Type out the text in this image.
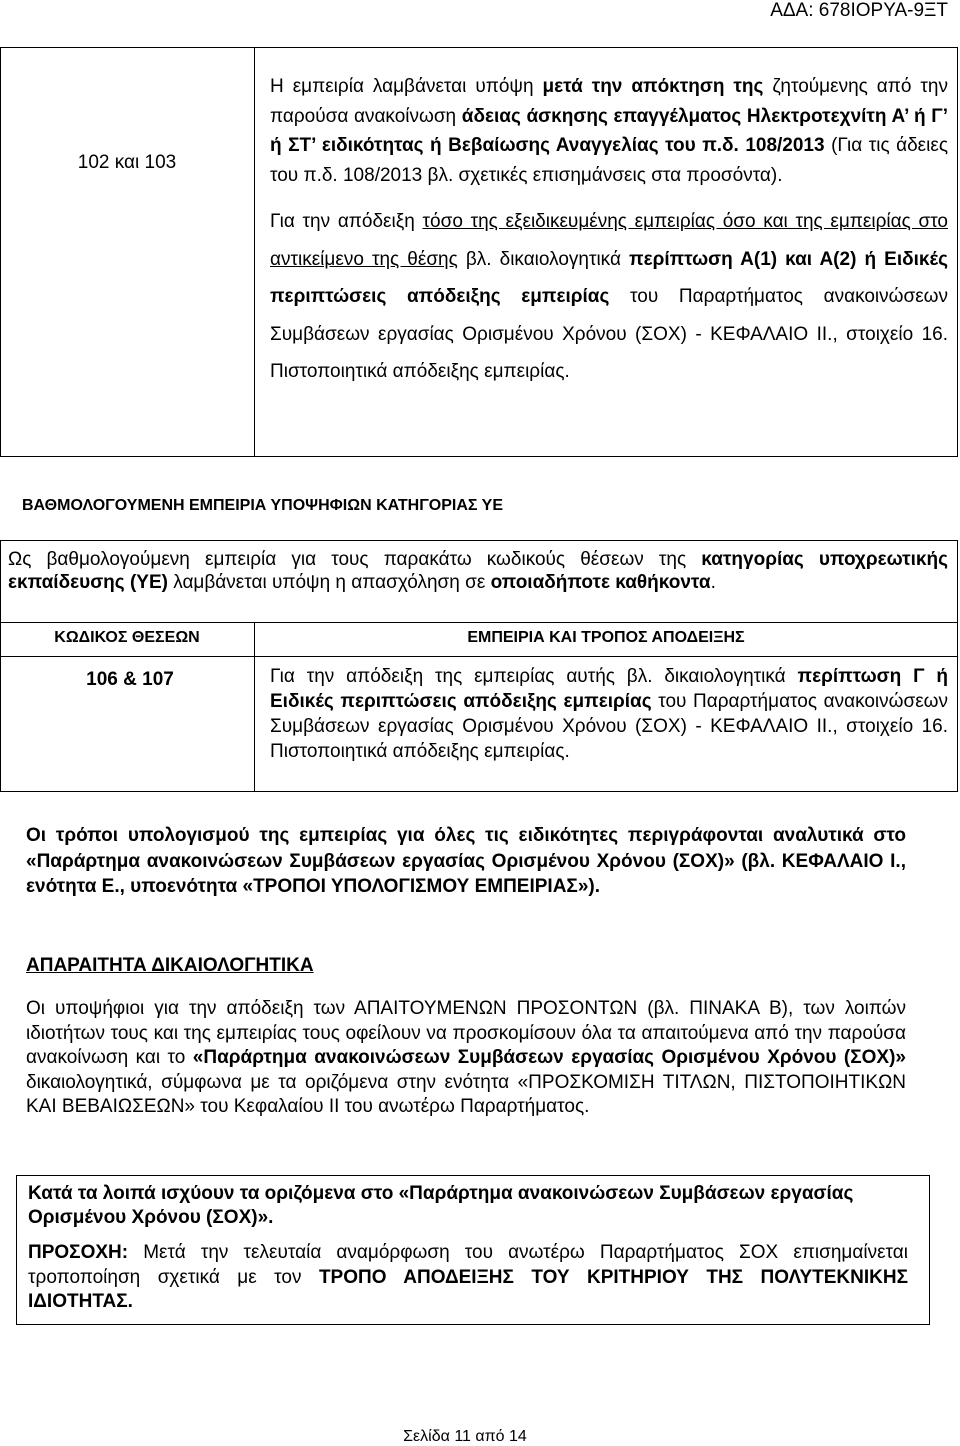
ΑΔΑ: 678ΙΟΡΥΑ-9ΞΤ
102 και 103

Η εμπειρία λαμβάνεται υπόψη μετά την απόκτηση της ζητούμενης από την παρούσα ανακοίνωση άδειας άσκησης επαγγέλματος Ηλεκτροτεχνίτη Α’ ή Γ’ ή ΣΤ’ ειδικότητας ή Βεβαίωσης Αναγγελίας του π.δ. 108/2013 (Για τις άδειες του π.δ. 108/2013 βλ. σχετικές επισημάνσεις στα προσόντα).

Για την απόδειξη τόσο της εξειδικευμένης εμπειρίας όσο και της εμπειρίας στο αντικείμενο της θέσης βλ. δικαιολογητικά περίπτωση Α(1) και Α(2) ή Ειδικές περιπτώσεις απόδειξης εμπειρίας του Παραρτήματος ανακοινώσεων Συμβάσεων εργασίας Ορισμένου Χρόνου (ΣΟΧ) - ΚΕΦΑΛΑΙΟ ΙΙ., στοιχείο 16. Πιστοποιητικά απόδειξης εμπειρίας.

ΒΑΘΜΟΛΟΓΟΥΜΕΝΗ ΕΜΠΕΙΡΙΑ ΥΠΟΨΗΦΙΩΝ ΚΑΤΗΓΟΡΙΑΣ ΥΕ
Ως βαθμολογούμενη εμπειρία για τους παρακάτω κωδικούς θέσεων της κατηγορίας υποχρεωτικής εκπαίδευσης (ΥΕ) λαμβάνεται υπόψη η απασχόληση σε οποιαδήποτε καθήκοντα.
ΚΩΔΙΚΟΣ ΘΕΣΕΩΝ	ΕΜΠΕΙΡΙΑ ΚΑΙ ΤΡΟΠΟΣ ΑΠΟΔΕΙΞΗΣ
106 & 107	Για την απόδειξη της εμπειρίας αυτής βλ. δικαιολογητικά περίπτωση Γ ή Ειδικές περιπτώσεις απόδειξης εμπειρίας του Παραρτήματος ανακοινώσεων Συμβάσεων εργασίας Ορισμένου Χρόνου (ΣΟΧ) - ΚΕΦΑΛΑΙΟ ΙΙ., στοιχείο 16. Πιστοποιητικά απόδειξης εμπειρίας.
Οι τρόποι υπολογισμού της εμπειρίας για όλες τις ειδικότητες περιγράφονται αναλυτικά στο «Παράρτημα ανακοινώσεων Συμβάσεων εργασίας Ορισμένου Χρόνου (ΣΟΧ)» (βλ. ΚΕΦΑΛΑΙΟ Ι., ενότητα Ε., υποενότητα «ΤΡΟΠΟΙ ΥΠΟΛΟΓΙΣΜΟΥ ΕΜΠΕΙΡΙΑΣ»).
ΑΠΑΡΑΙΤΗΤΑ ΔΙΚΑΙΟΛΟΓΗΤΙΚΑ
Οι υποψήφιοι για την απόδειξη των ΑΠΑΙΤΟΥΜΕΝΩΝ ΠΡΟΣΟΝΤΩΝ (βλ. ΠΙΝΑΚΑ Β), των λοιπών ιδιοτήτων τους και της εμπειρίας τους οφείλουν να προσκομίσουν όλα τα απαιτούμενα από την παρούσα ανακοίνωση και το «Παράρτημα ανακοινώσεων Συμβάσεων εργασίας Ορισμένου Χρόνου (ΣΟΧ)» δικαιολογητικά, σύμφωνα με τα οριζόμενα στην ενότητα «ΠΡΟΣΚΟΜΙΣΗ ΤΙΤΛΩΝ, ΠΙΣΤΟΠΟΙΗΤΙΚΩΝ ΚΑΙ ΒΕΒΑΙΩΣΕΩΝ» του Κεφαλαίου ΙΙ του ανωτέρω Παραρτήματος.
Κατά τα λοιπά ισχύουν τα οριζόμενα στο «Παράρτημα ανακοινώσεων Συμβάσεων εργασίας Ορισμένου Χρόνου (ΣΟΧ)».
ΠΡΟΣΟΧΗ: Μετά την τελευταία αναμόρφωση του ανωτέρω Παραρτήματος ΣΟΧ επισημαίνεται τροποποίηση σχετικά με τον ΤΡΟΠΟ ΑΠΟΔΕΙΞΗΣ ΤΟΥ ΚΡΙΤΗΡΙΟΥ ΤΗΣ ΠΟΛΥΤΕΚΝΙΚΗΣ ΙΔΙΟΤΗΤΑΣ.
Σελίδα 11 από 14
